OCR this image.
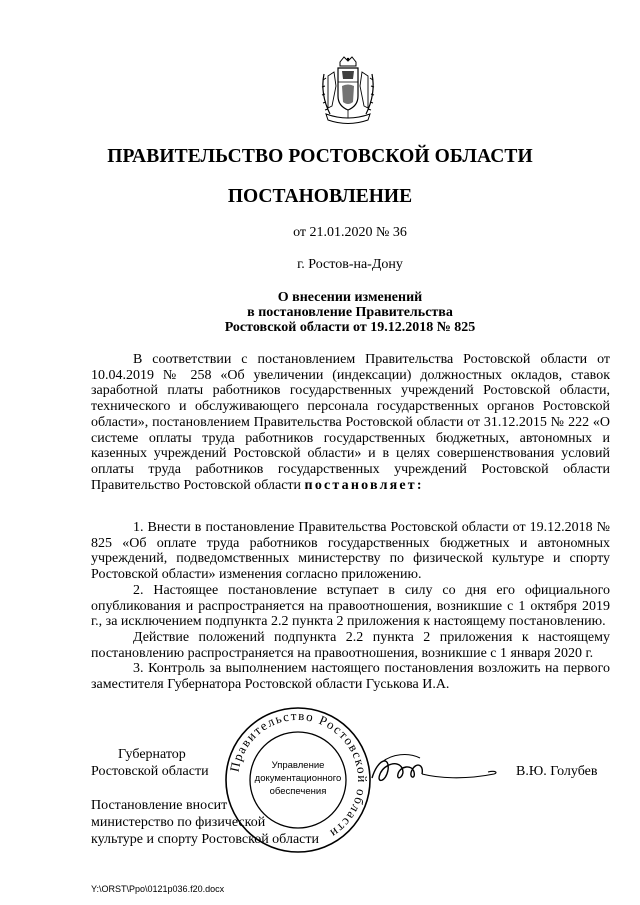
ПРАВИТЕЛЬСТВО РОСТОВСКОЙ ОБЛАСТИ
ПОСТАНОВЛЕНИЕ
от 21.01.2020 № 36
г. Ростов-на-Дону
О внесении изменений
в постановление Правительства
Ростовской области от 19.12.2018 № 825

В соответствии с постановлением Правительства Ростовской области от 10.04.2019 № 258 «Об увеличении (индексации) должностных окладов, ставок заработной платы работников государственных учреждений Ростовской области, технического и обслуживающего персонала государственных органов Ростовской области», постановлением Правительства Ростовской области от 31.12.2015 № 222 «О системе оплаты труда работников государственных бюджетных, автономных и казенных учреждений Ростовской области» и в целях совершенствования условий оплаты труда работников государственных учреждений Ростовской области Правительство Ростовской области постановляет:

1. Внести в постановление Правительства Ростовской области от 19.12.2018 № 825 «Об оплате труда работников государственных бюджетных и автономных учреждений, подведомственных министерству по физической культуре и спорту Ростовской области» изменения согласно приложению.

2. Настоящее постановление вступает в силу со дня его официального опубликования и распространяется на правоотношения, возникшие с 1 октября 2019 г., за исключением подпункта 2.2 пункта 2 приложения к настоящему постановлению.

Действие положений подпункта 2.2 пункта 2 приложения к настоящему постановлению распространяется на правоотношения, возникшие с 1 января 2020 г.

3. Контроль за выполнением настоящего постановления возложить на первого заместителя Губернатора Ростовской области Гуськова И.А.

Губернатор
Ростовской области	В.Ю. Голубев
Постановление вносит
министерство по физической
культуре и спорту Ростовской области
Правительство Ростовской области
Управление
документационного
обеспечения
Y:\ORST\Ppo\0121p036.f20.docx
